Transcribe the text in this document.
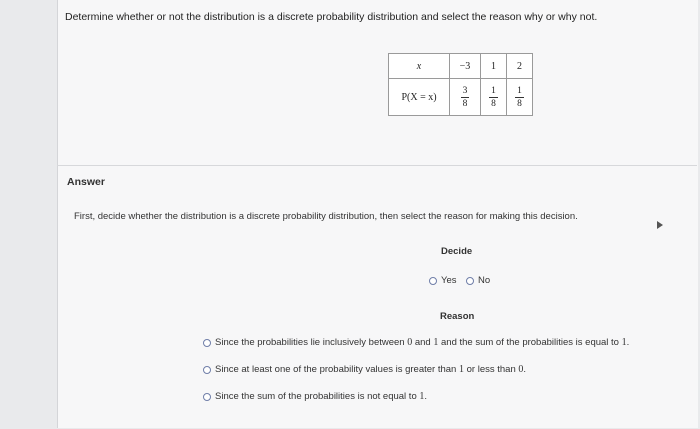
Determine whether or not the distribution is a discrete probability distribution and select the reason why or why not.
x	−3	1	2
P(X = x)	$\frac{3}{8}$	$\frac{1}{8}$	$\frac{1}{8}$
Answer
First, decide whether the distribution is a discrete probability distribution, then select the reason for making this decision.
Decide
Yes No
Reason
Since the probabilities lie inclusively between 0 and 1 and the sum of the probabilities is equal to 1.
Since at least one of the probability values is greater than 1 or less than 0.
Since the sum of the probabilities is not equal to 1.
